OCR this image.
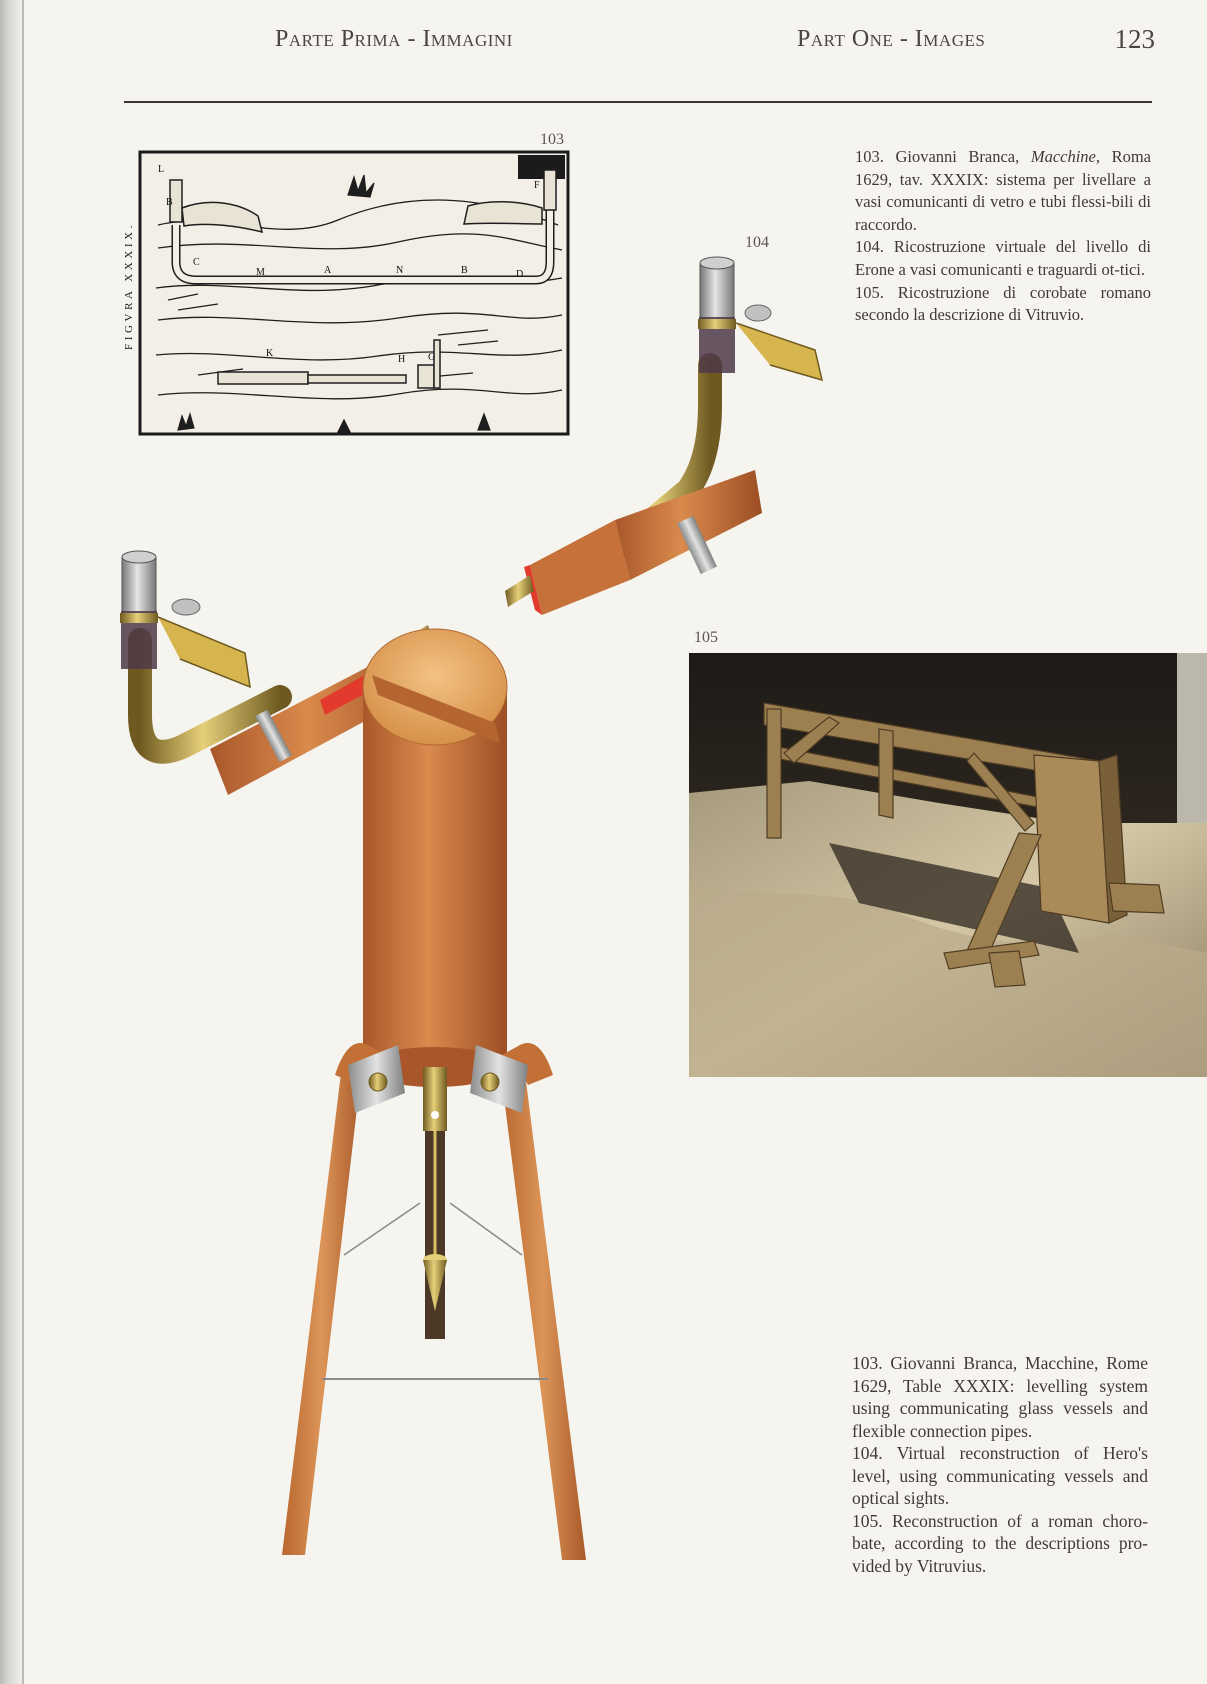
Parte Prima - Immagini	Part One - Images	123
103
104
105
FIGVRA XXXIX.
L
B
F
C
M	A	N	B	D
K
H G

103. Giovanni Branca, Macchine, Roma 1629, tav. XXXIX: sistema per livellare a vasi comunicanti di vetro e tubi flessi-bili di raccordo.

104. Ricostruzione virtuale del livello di Erone a vasi comunicanti e traguardi ot-tici.

105. Ricostruzione di corobate romano secondo la descrizione di Vitruvio.

103. Giovanni Branca, Macchine, Rome 1629, Table XXXIX: levelling system using communicating glass vessels and flexible connection pipes.

104. Virtual reconstruction of Hero's level, using communicating vessels and optical sights.

105. Reconstruction of a roman choro-bate, according to the descriptions pro-vided by Vitruvius.
